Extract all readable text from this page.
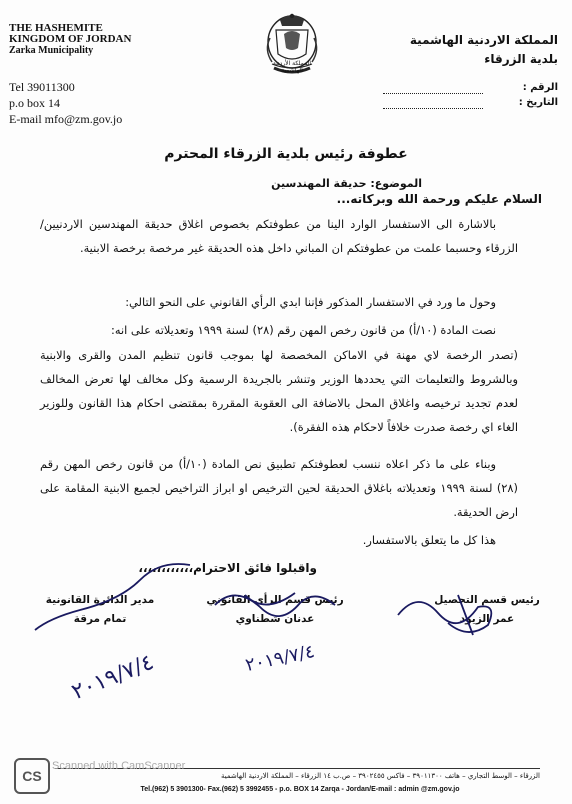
THE HASHEMITE
KINGDOM OF JORDAN
Zarka Municipality
Tel 39011300
p.o box 14
E-mail mfo@zm.gov.jo
المملكة الأردنية الهاشمية
المملكة الاردنية الهاشمية
بلدية الزرقاء
الرقم :
التاريخ :
عطوفة رئيس بلدية الزرقاء المحترم
الموضوع: حديقة المهندسين
السلام عليكم ورحمة الله وبركاته...
بالاشارة الى الاستفسار الوارد الينا من عطوفتكم بخصوص اغلاق حديقة المهندسين الاردنيين/ الزرقاء وحسبما علمت من عطوفتكم ان المباني داخل هذه الحديقة غير مرخصة برخصة الابنية.
وحول ما ورد في الاستفسار المذكور فإننا ابدي الرأي القانوني على النحو التالي:
نصت المادة (١٠/أ) من قانون رخص المهن رقم (٢٨) لسنة ١٩٩٩ وتعديلاته على انه:
(تصدر الرخصة لاي مهنة في الاماكن المخصصة لها بموجب قانون تنظيم المدن والقرى والابنية وبالشروط والتعليمات التي يحددها الوزير وتنشر بالجريدة الرسمية وكل مخالف لها تعرض المخالف لعدم تجديد ترخيصه واغلاق المحل بالاضافة الى العقوبة المقررة بمقتضى احكام هذا القانون وللوزير الغاء اي رخصة صدرت خلافاً لاحكام هذه الفقرة).
وبناء على ما ذكر اعلاه ننسب لعطوفتكم تطبيق نص المادة (١٠/أ) من قانون رخص المهن رقم (٢٨) لسنة ١٩٩٩ وتعديلاته باغلاق الحديقة لحين الترخيص او ابراز التراخيص لجميع الابنية المقامة على ارض الحديقة.
هذا كل ما يتعلق بالاستفسار.
واقبلوا فائق الاحترام،،،،،،،،،،،،
رئيس قسم التحصيل
عمر الزيود
رئيس قسم الرأي القانوني
عدنان شطناوي
مدير الدائرة القانونية
تمام مرقة
٢٠١٩/٧/٤
٢٠١٩/٧/٤
الزرقاء – الوسط التجاري – هاتف ٣٩٠١١٣٠٠ – فاكس ٣٩٠٢٤٥٥ – ص.ب ١٤ الزرقاء – المملكة الاردنية الهاشمية
Tel.(962) 5 3901300- Fax.(962) 5 3992455 - p.o. BOX 14 Zarqa - Jordan/E-mail : admin @zm.gov.jo
CS
Scanned with CamScanner
